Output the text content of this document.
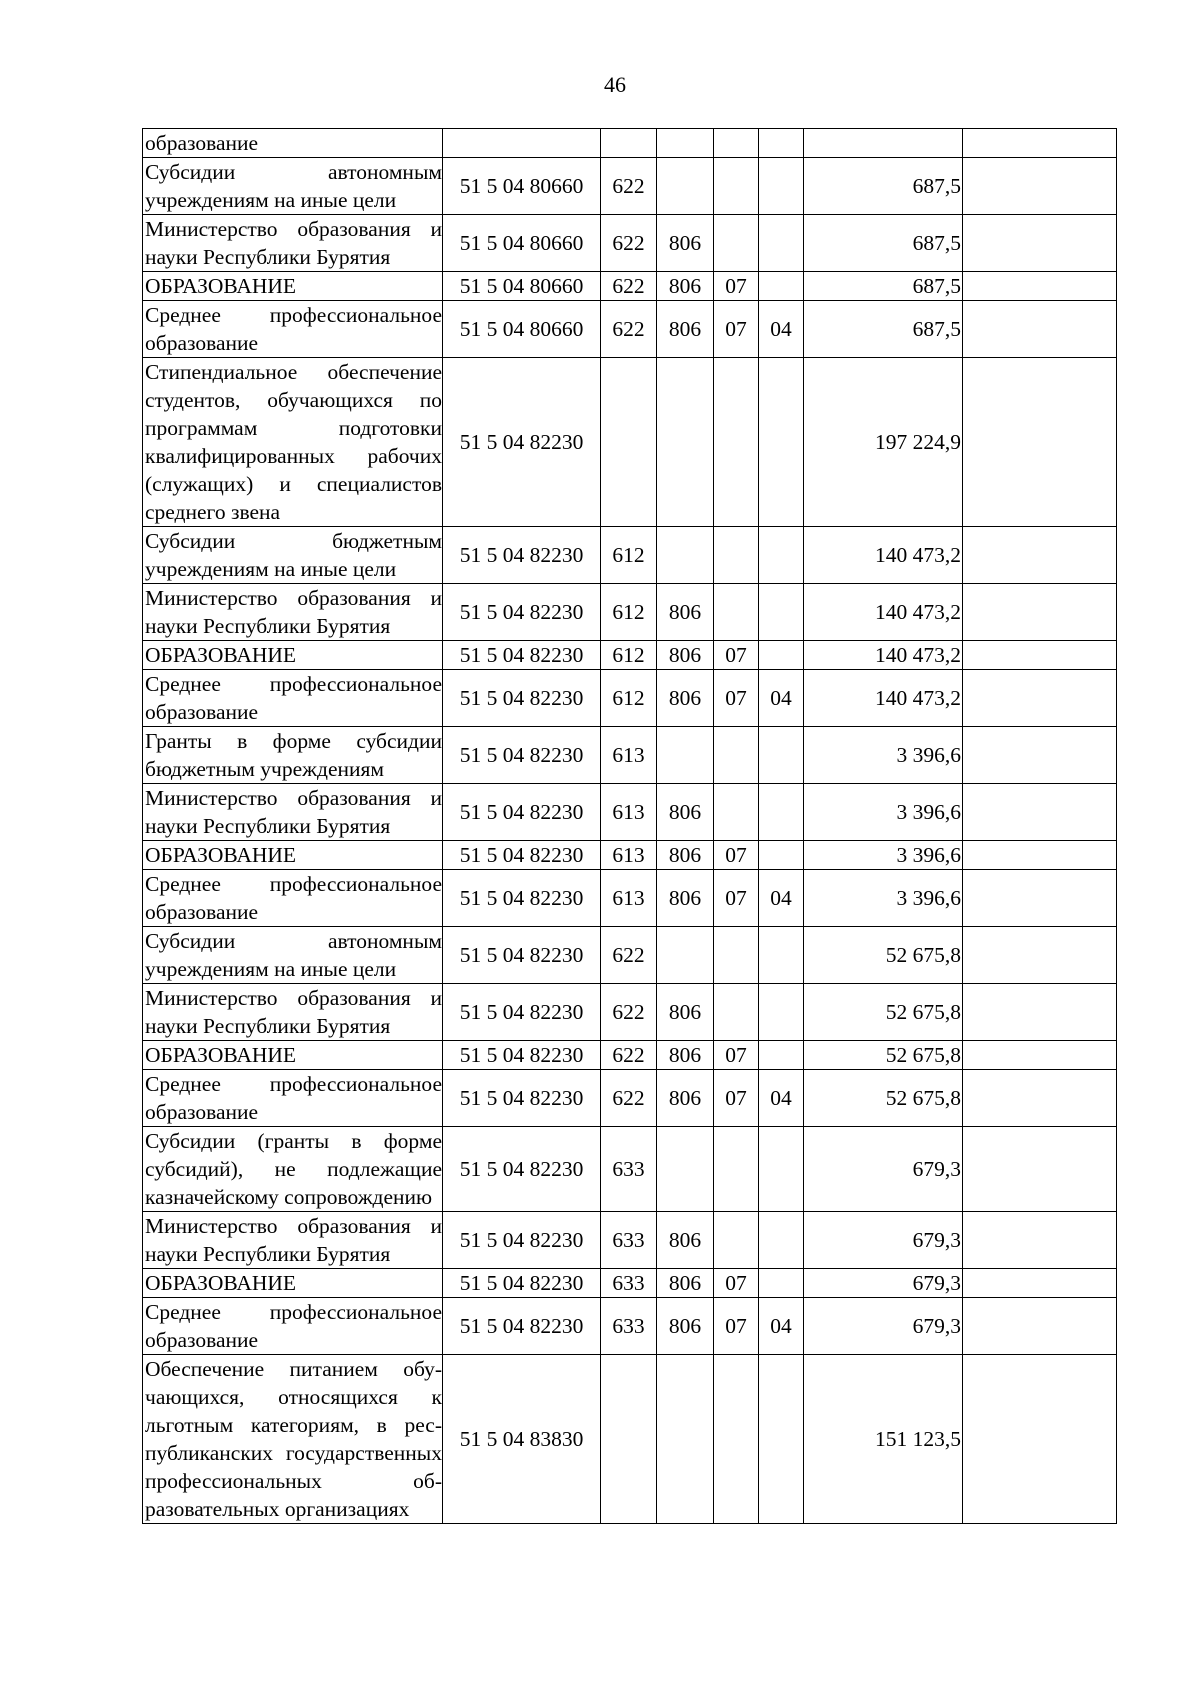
46
образование							
Субсидии автономным учреждениям на иные цели	51 5 04 80660	622				687,5	
Министерство образования и науки Республики Бурятия	51 5 04 80660	622	806			687,5	
ОБРАЗОВАНИЕ	51 5 04 80660	622	806	07		687,5	
Среднее профессиональное образование	51 5 04 80660	622	806	07	04	687,5	
Стипендиальное обеспечение студентов, обучающихся по программам подготовки квалифицированных рабочих (служащих) и специалистов среднего звена	51 5 04 82230					197 224,9	
Субсидии бюджетным учреждениям на иные цели	51 5 04 82230	612				140 473,2	
Министерство образования и науки Республики Бурятия	51 5 04 82230	612	806			140 473,2	
ОБРАЗОВАНИЕ	51 5 04 82230	612	806	07		140 473,2	
Среднее профессиональное образование	51 5 04 82230	612	806	07	04	140 473,2	
Гранты в форме субсидии бюджетным учреждениям	51 5 04 82230	613				3 396,6	
Министерство образования и науки Республики Бурятия	51 5 04 82230	613	806			3 396,6	
ОБРАЗОВАНИЕ	51 5 04 82230	613	806	07		3 396,6	
Среднее профессиональное образование	51 5 04 82230	613	806	07	04	3 396,6	
Субсидии автономным учреждениям на иные цели	51 5 04 82230	622				52 675,8	
Министерство образования и науки Республики Бурятия	51 5 04 82230	622	806			52 675,8	
ОБРАЗОВАНИЕ	51 5 04 82230	622	806	07		52 675,8	
Среднее профессиональное образование	51 5 04 82230	622	806	07	04	52 675,8	
Субсидии (гранты в форме субсидий), не подлежащие казначейскому сопровождению	51 5 04 82230	633				679,3	
Министерство образования и науки Республики Бурятия	51 5 04 82230	633	806			679,3	
ОБРАЗОВАНИЕ	51 5 04 82230	633	806	07		679,3	
Среднее профессиональное образование	51 5 04 82230	633	806	07	04	679,3	
Обеспечение питанием обучающихся, относящихся к льготным категориям, в республиканских государственных профессиональных образовательных организациях	51 5 04 83830					151 123,5	
